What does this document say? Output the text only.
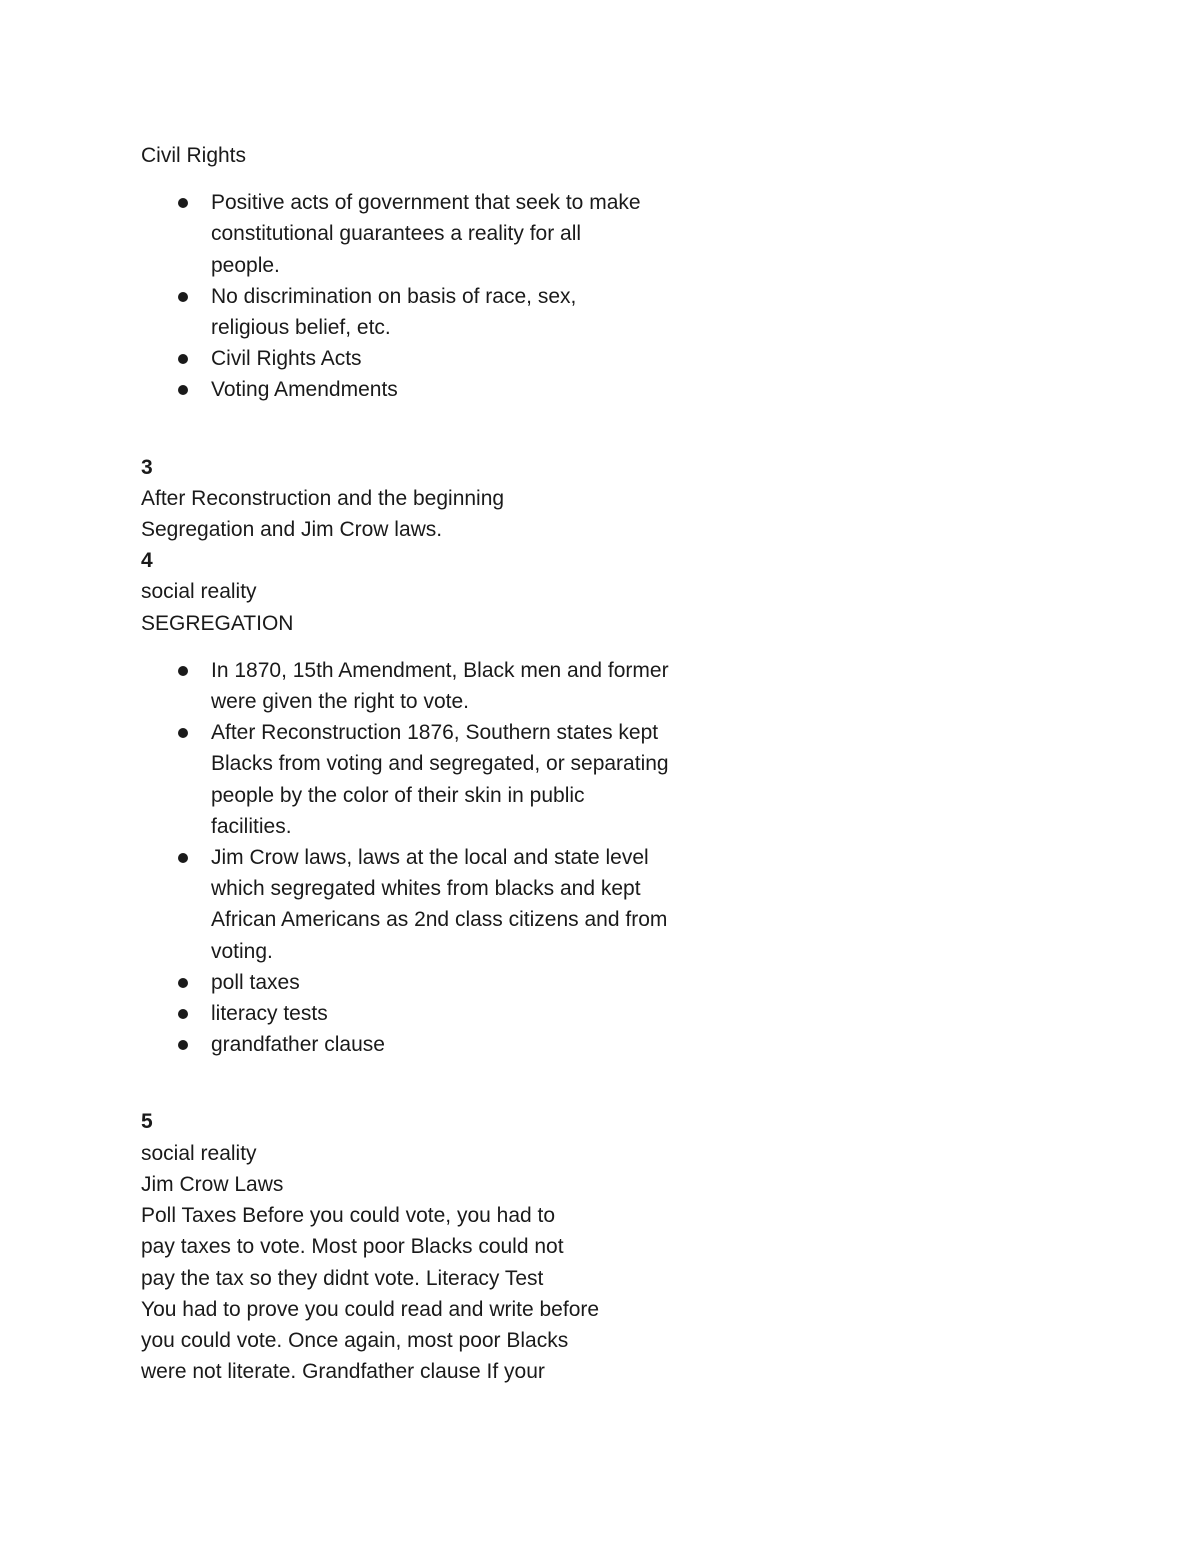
Civil Rights
Positive acts of government that seek to make
constitutional guarantees a reality for all
people.
No discrimination on basis of race, sex,
religious belief, etc.
Civil Rights Acts
Voting Amendments
3
After Reconstruction and the beginning
Segregation and Jim Crow laws.
4
social reality
SEGREGATION
In 1870, 15th Amendment, Black men and former
were given the right to vote.
After Reconstruction 1876, Southern states kept
Blacks from voting and segregated, or separating
people by the color of their skin in public
facilities.
Jim Crow laws, laws at the local and state level
which segregated whites from blacks and kept
African Americans as 2nd class citizens and from
voting.
poll taxes
literacy tests
grandfather clause
5
social reality
Jim Crow Laws
Poll Taxes Before you could vote, you had to
pay taxes to vote. Most poor Blacks could not
pay the tax so they didnt vote. Literacy Test
You had to prove you could read and write before
you could vote. Once again, most poor Blacks
were not literate. Grandfather clause If your
